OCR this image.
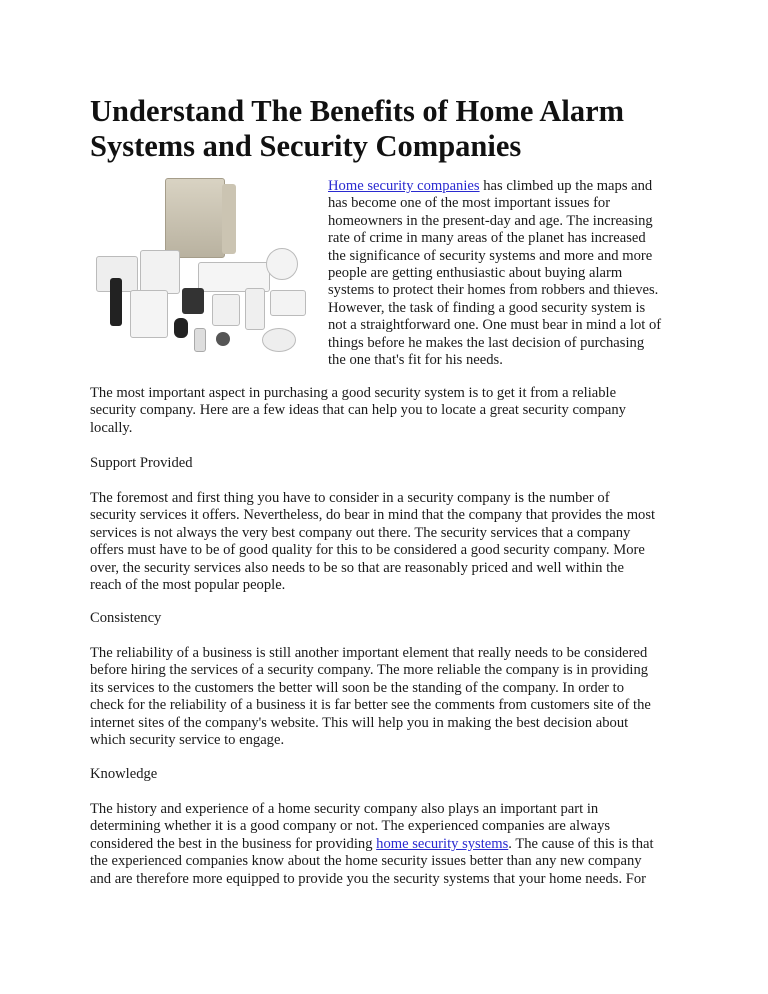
Understand The Benefits of Home Alarm
Systems and Security Companies
Home security companies has climbed up the maps and
has become one of the most important issues for
homeowners in the present-day and age. The increasing
rate of crime in many areas of the planet has increased
the significance of security systems and more and more
people are getting enthusiastic about buying alarm
systems to protect their homes from robbers and thieves.
However, the task of finding a good security system is
not a straightforward one. One must bear in mind a lot of
things before he makes the last decision of purchasing
the one that's fit for his needs.
The most important aspect in purchasing a good security system is to get it from a reliable
security company. Here are a few ideas that can help you to locate a great security company
locally.
Support Provided
The foremost and first thing you have to consider in a security company is the number of
security services it offers. Nevertheless, do bear in mind that the company that provides the most
services is not always the very best company out there. The security services that a company
offers must have to be of good quality for this to be considered a good security company. More
over, the security services also needs to be so that are reasonably priced and well within the
reach of the most popular people.
Consistency
The reliability of a business is still another important element that really needs to be considered
before hiring the services of a security company. The more reliable the company is in providing
its services to the customers the better will soon be the standing of the company. In order to
check for the reliability of a business it is far better see the comments from customers site of the
internet sites of the company's website. This will help you in making the best decision about
which security service to engage.
Knowledge
The history and experience of a home security company also plays an important part in
determining whether it is a good company or not. The experienced companies are always
considered the best in the business for providing home security systems. The cause of this is that
the experienced companies know about the home security issues better than any new company
and are therefore more equipped to provide you the security systems that your home needs. For
